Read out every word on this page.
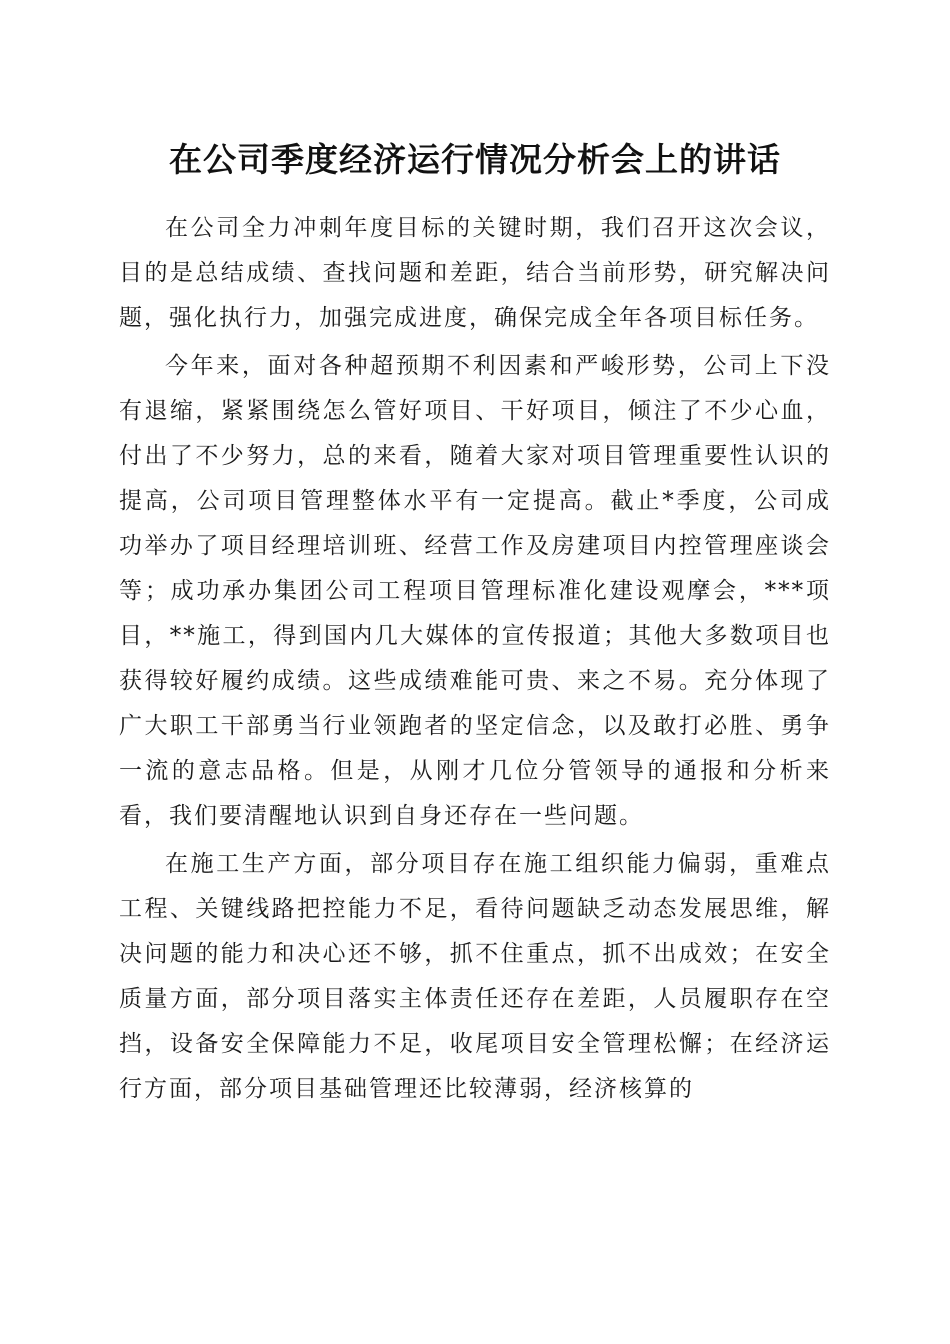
在公司季度经济运行情况分析会上的讲话

在公司全力冲刺年度目标的关键时期，我们召开这次会议，目的是总结成绩、查找问题和差距，结合当前形势，研究解决问题，强化执行力，加强完成进度，确保完成全年各项目标任务。

今年来，面对各种超预期不利因素和严峻形势，公司上下没有退缩，紧紧围绕怎么管好项目、干好项目，倾注了不少心血，付出了不少努力，总的来看，随着大家对项目管理重要性认识的提高，公司项目管理整体水平有一定提高。截止*季度，公司成功举办了项目经理培训班、经营工作及房建项目内控管理座谈会等；成功承办集团公司工程项目管理标准化建设观摩会，***项目，**施工，得到国内几大媒体的宣传报道；其他大多数项目也获得较好履约成绩。这些成绩难能可贵、来之不易。充分体现了广大职工干部勇当行业领跑者的坚定信念，以及敢打必胜、勇争一流的意志品格。但是，从刚才几位分管领导的通报和分析来看，我们要清醒地认识到自身还存在一些问题。

在施工生产方面，部分项目存在施工组织能力偏弱，重难点工程、关键线路把控能力不足，看待问题缺乏动态发展思维，解决问题的能力和决心还不够，抓不住重点，抓不出成效；在安全质量方面，部分项目落实主体责任还存在差距，人员履职存在空挡，设备安全保障能力不足，收尾项目安全管理松懈；在经济运行方面，部分项目基础管理还比较薄弱，经济核算的
